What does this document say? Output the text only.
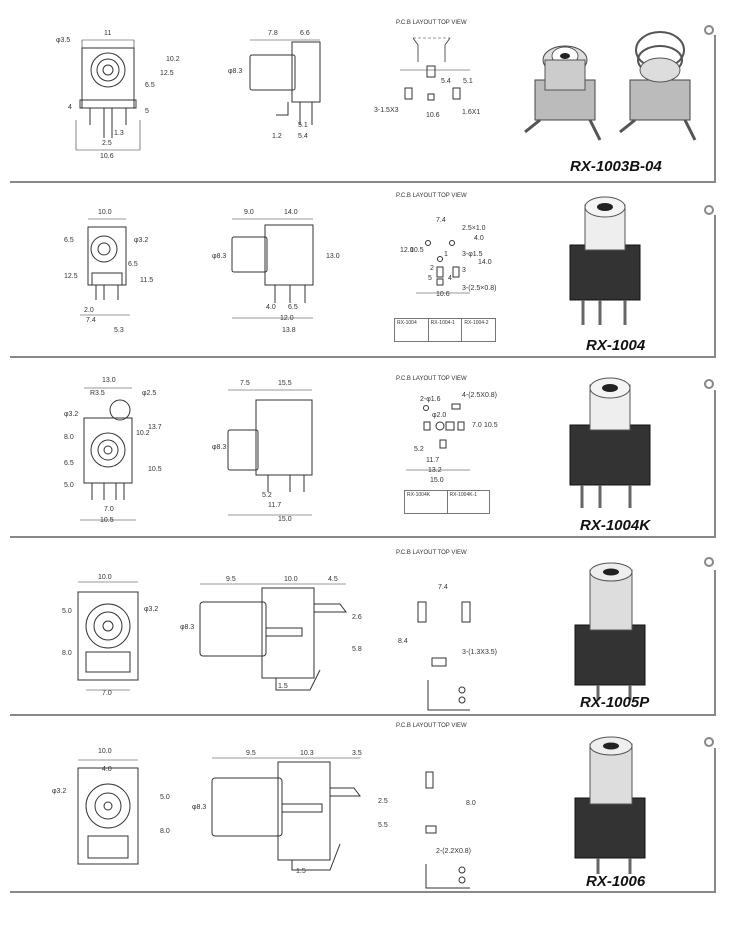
11
φ3.5
12.5
10.2
6.5
4
5
1.3
2.5
10.6
7.8	6.6
φ8.3
5.1
1.2 5.4
P.C.B LAYOUT TOP VIEW
5.4 5.1
3-1.5X3
10.6	1.6X1
RX-1003B-04
10.0
6.5	φ3.2
12.5
6.5
11.5
2.0
7.4
5.3
9.0	14.0
φ8.3	13.0
4.0 6.5
12.0
13.8
P.C.B LAYOUT TOP VIEW
7.4
2.5×1.0
4.0
12.0
10.5
3-φ1.5
14.0
3-(2.5×0.8)
10.6
5 4
3
2
1
RX-1004	RX-1004-1	RX-1004-2
RX-1004
13.0
R3.5	φ2.5
φ3.2
8.0
10.2
13.7
6.5
10.5
5.0
7.0
10.5
7.5	15.5
φ8.3
5.2
11.7
15.0
P.C.B LAYOUT TOP VIEW
2-φ1.6
4-(2.5X0.8)
φ2.0
7.0 10.5
5.2
11.7
13.2
15.0
RX-1004K	RX-1004K-1
RX-1004K
10.0
φ3.2
5.0
8.0
7.0
9.5	10.0	4.5
φ8.3
2.6
5.8
1.5
P.C.B LAYOUT TOP VIEW
7.4
8.4
3-(1.3X3.5)
RX-1005P
10.0
4.0
φ3.2
5.0
8.0
9.5	10.3	3.5
φ8.3
2.5
5.5
1.5
P.C.B LAYOUT TOP VIEW
8.0
2-(2.2X0.8)
RX-1006
